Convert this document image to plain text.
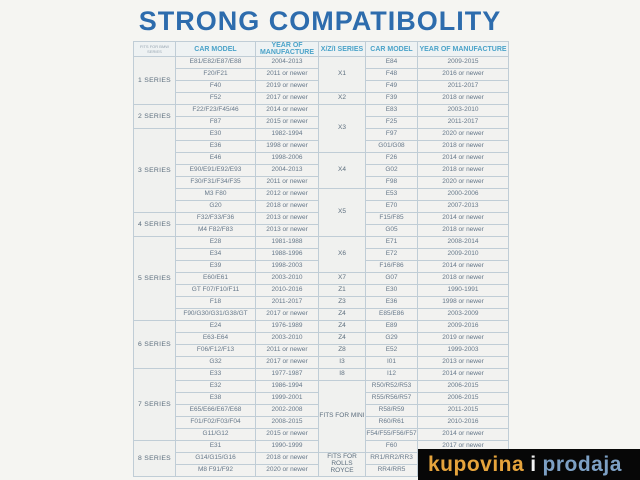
STRONG COMPATIBOLITY
FITS FOR BMW SERIES	CAR MODEL	YEAR OF MANUFACTURE	X/Z/I SERIES	CAR MODEL	YEAR OF MANUFACTURE
1 SERIES	E81/E82/E87/E88	2004-2013	X1	E84	2009-2015
	F20/F21	2011 or newer		F48	2016 or newer
	F40	2019 or newer		F49	2011-2017
	F52	2017 or newer	X2	F39	2018 or newer
2 SERIES	F22/F23/F45/46	2014 or newer	X3	E83	2003-2010
	F87	2015 or newer		F25	2011-2017
3 SERIES	E30	1982-1994		F97	2020 or newer
	E36	1998 or newer		G01/G08	2018 or newer
	E46	1998-2006	X4	F26	2014 or newer
	E90/E91/E92/E93	2004-2013		G02	2018 or newer
	F30/F31/F34/F35	2011 or newer		F98	2020 or newer
	M3 F80	2012 or newer	X5	E53	2000-2006
	G20	2018 or newer		E70	2007-2013
4 SERIES	F32/F33/F36	2013 or newer		F15/F85	2014 or newer
	M4 F82/F83	2013 or newer		G05	2018 or newer
5 SERIES	E28	1981-1988	X6	E71	2008-2014
	E34	1988-1996		E72	2009-2010
	E39	1998-2003		F16/F86	2014 or newer
	E60/E61	2003-2010	X7	G07	2018 or newer
	GT F07/F10/F11	2010-2016	Z1	E30	1990-1991
	F18	2011-2017	Z3	E36	1998 or newer
	F90/G30/G31/G38/GT	2017 or newer	Z4	E85/E86	2003-2009
6 SERIES	E24	1976-1989	Z4	E89	2009-2016
	E63-E64	2003-2010	Z4	G29	2019 or newer
	F06/F12/F13	2011 or newer	Z8	E52	1999-2003
	G32	2017 or newer	I3	I01	2013 or newer
7 SERIES	E33	1977-1987	I8	I12	2014 or newer
	E32	1986-1994	FITS FOR MINI	R50/R52/R53	2006-2015
	E38	1999-2001		R55/R56/R57	2006-2015
	E65/E66/E67/E68	2002-2008		R58/R59	2011-2015
	F01/F02/F03/F04	2008-2015		R60/R61	2010-2016
	G11/G12	2015 or newer		F54/F55/F56/F57	2014 or newer
8 SERIES	E31	1990-1999		F60	2017 or newer
	G14/G15/G16	2018 or newer	FITS FOR ROLLS ROYCE	RR1/RR2/RR3	
	M8 F91/F92	2020 or newer		RR4/RR5	kupovina i prodaja
